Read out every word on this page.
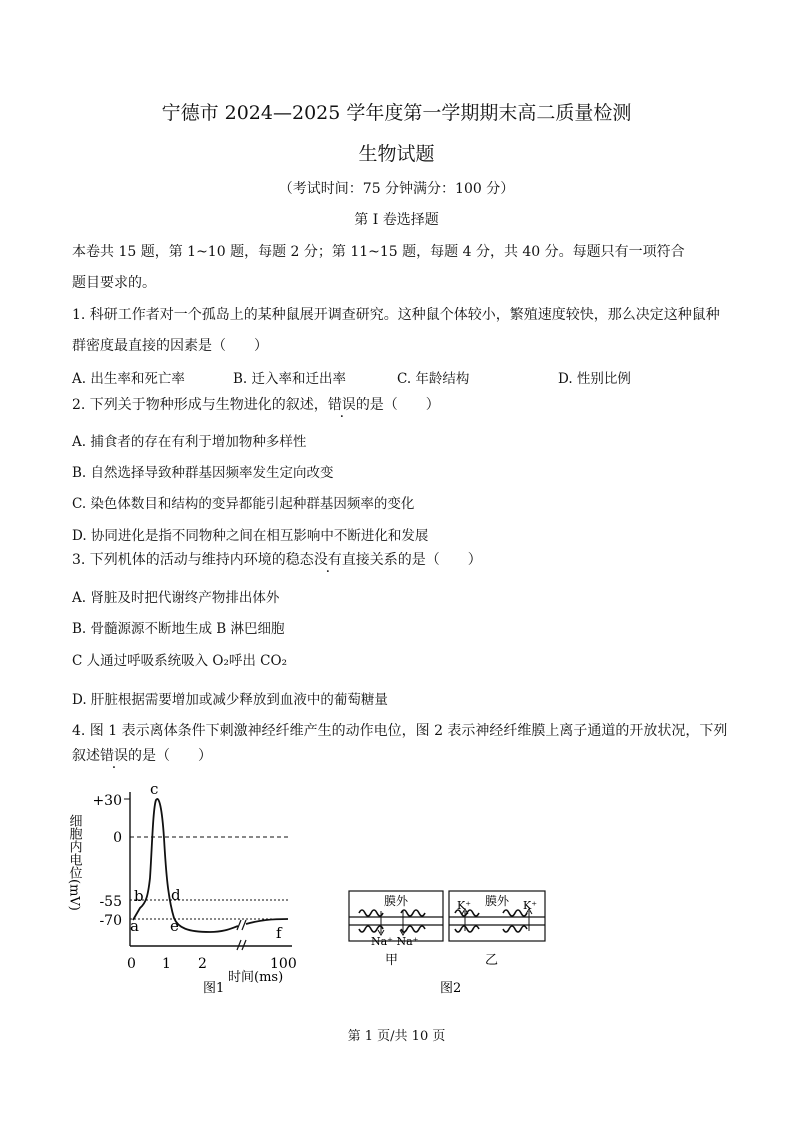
宁德市 2024—2025 学年度第一学期期末高二质量检测
生物试题
（考试时间：75 分钟满分：100 分）
第 I 卷选择题
本卷共 15 题，第 1~10 题，每题 2 分；第 11~15 题，每题 4 分，共 40 分。每题只有一项符合
题目要求的。
1. 科研工作者对一个孤岛上的某种鼠展开调查研究。这种鼠个体较小，繁殖速度较快，那么决定这种鼠种
群密度最直接的因素是（　　）
A. 出生率和死亡率	B. 迁入率和迁出率	C. 年龄结构	D. 性别比例
2. 下列关于物种形成与生物进化的叙述，错误的是（　　）
A. 捕食者的存在有利于增加物种多样性
B. 自然选择导致种群基因频率发生定向改变
C. 染色体数目和结构的变异都能引起种群基因频率的变化
D. 协同进化是指不同物种之间在相互影响中不断进化和发展
3. 下列机体的活动与维持内环境的稳态没有直接关系的是（　　）
A. 肾脏及时把代谢终产物排出体外
B. 骨髓源源不断地生成 B 淋巴细胞
C 人通过呼吸系统吸入 O₂呼出 CO₂
D. 肝脏根据需要增加或减少释放到血液中的葡萄糖量
4. 图 1 表示离体条件下刺激神经纤维产生的动作电位，图 2 表示神经纤维膜上离子通道的开放状况，下列
叙述错误的是（　　）
细胞内电位(mV)
+30
0
-55
-70 a
b
c
d
e	f
0 1 2	100
时间(ms)
图1
膜外
Na⁺ Na⁺
甲
膜外
K⁺	K⁺
乙
图2
第 1 页/共 10 页
